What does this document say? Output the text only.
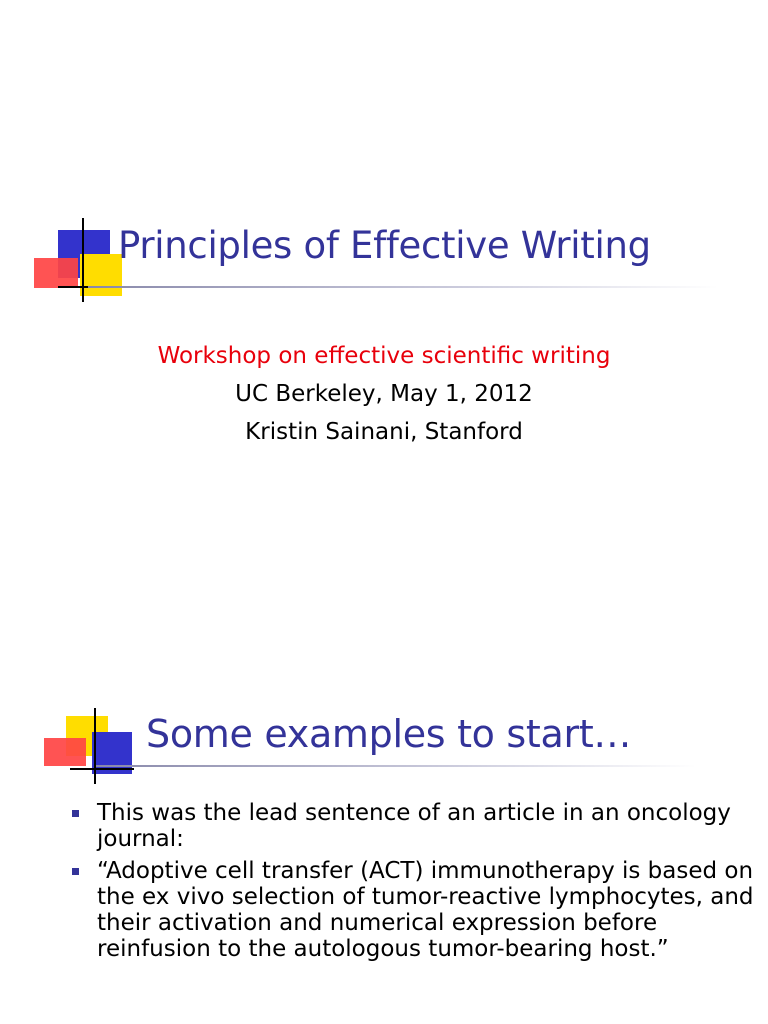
Principles of Effective Writing
Workshop on effective scientific writing
UC Berkeley, May 1, 2012
Kristin Sainani, Stanford
Some examples to start…
This was the lead sentence of an article in an oncology journal:
“Adoptive cell transfer (ACT) immunotherapy is based on the ex vivo selection of tumor-reactive lymphocytes, and their activation and numerical expression before reinfusion to the autologous tumor-bearing host.”
